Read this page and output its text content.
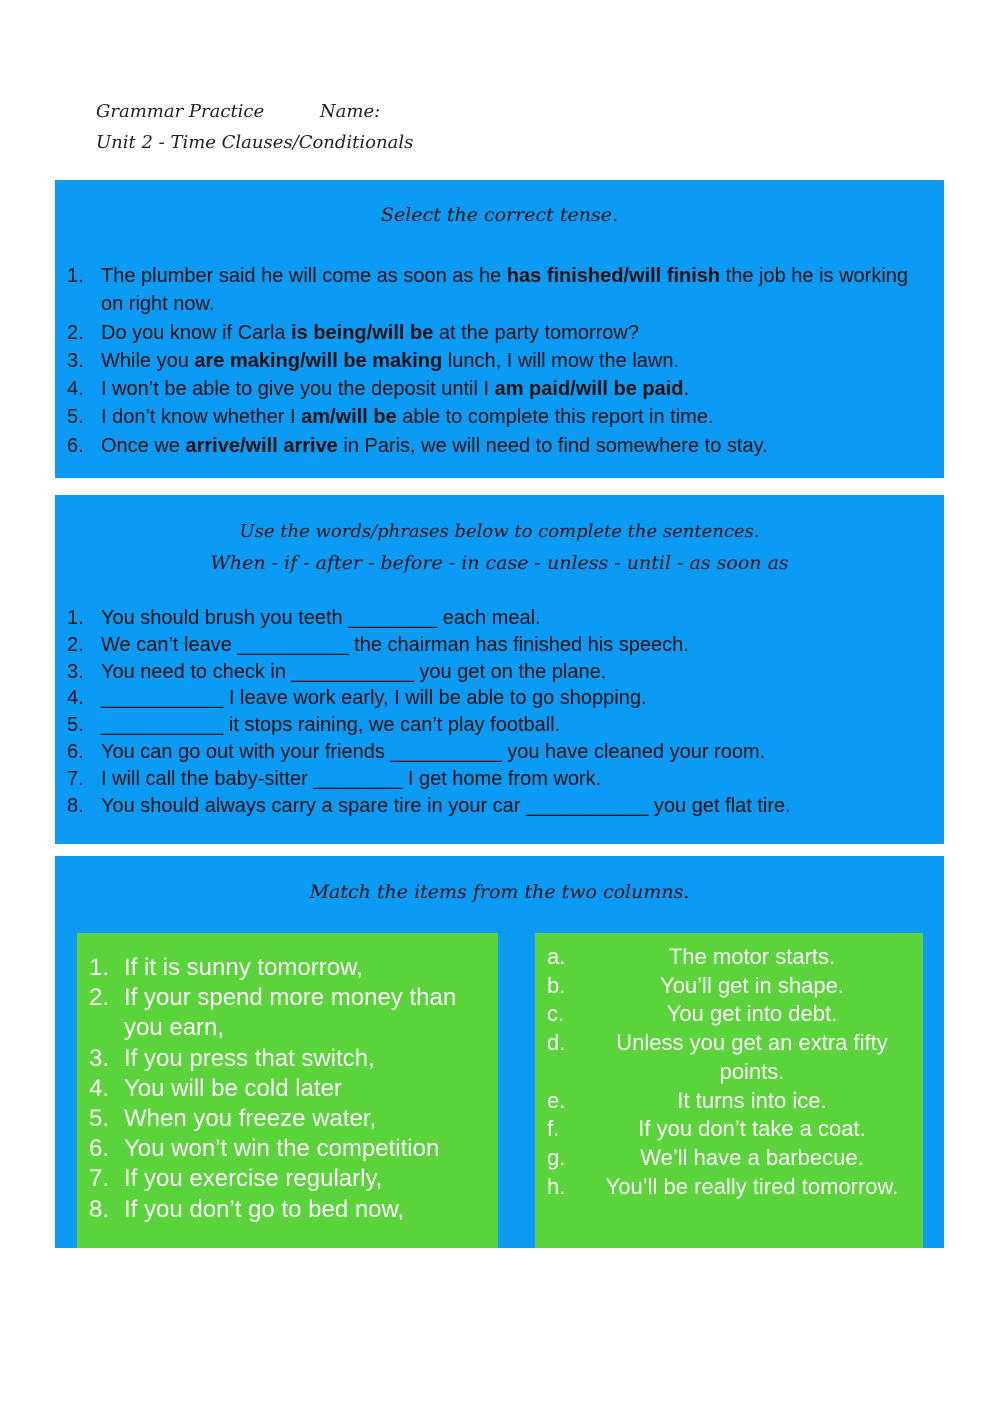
Grammar Practice	Name:
Unit 2 - Time Clauses/Conditionals
Select the correct tense.
1. The plumber said he will come as soon as he has finished/will finish the job he is working on right now.
2. Do you know if Carla is being/will be at the party tomorrow?
3. While you are making/will be making lunch, I will mow the lawn.
4. I won’t be able to give you the deposit until I am paid/will be paid.
5. I don’t know whether I am/will be able to complete this report in time.
6. Once we arrive/will arrive in Paris, we will need to find somewhere to stay.
Use the words/phrases below to complete the sentences.
When - if - after - before - in case - unless - until - as soon as
1. You should brush you teeth ________ each meal.
2. We can’t leave __________ the chairman has finished his speech.
3. You need to check in ___________ you get on the plane.
4. ___________ I leave work early, I will be able to go shopping.
5. ___________ it stops raining, we can’t play football.
6. You can go out with your friends __________ you have cleaned your room.
7. I will call the baby-sitter ________ I get home from work.
8. You should always carry a spare tire in your car ___________ you get flat tire.
Match the items from the two columns.
1. If it is sunny tomorrow,
2. If your spend more money than you earn,
3. If you press that switch,
4. You will be cold later
5. When you freeze water,
6. You won’t win the competition
7. If you exercise regularly,
8. If you don’t go to bed now,
a.	The motor starts.
b.	You’ll get in shape.
c.	You get into debt.
d.	Unless you get an extra fifty points.
e.	It turns into ice.
f.	If you don’t take a coat.
g.	We’ll have a barbecue.
h.	You’ll be really tired tomorrow.
